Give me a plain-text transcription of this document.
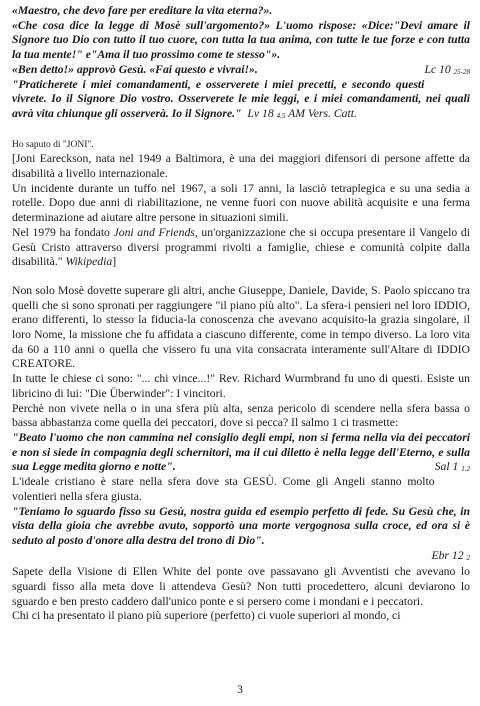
«Maestro, che devo fare per ereditare la vita eterna?».

«Che cosa dice la legge di Mosè sull'argomento?» L'uomo rispose: «Dice:"Devi amare il Signore tuo Dio con tutto il tuo cuore, con tutta la tua anima, con tutte le tue forze e con tutta la tua mente!" e"Ama il tuo prossimo come te stesso"».

«Ben detto!» approvò Gesù. «Fai questo e vivrai!».	Lc 10 $_{25-28}$

"Praticherete i miei comandamenti, e osserverete i miei precetti, e secondo questi vivrete. Io il Signore Dio vostro. Osserverete le mie leggi, e i miei comandamenti, nei quali avrà vita chiunque gli osserverà. Io il Signore." Lv 18 4.5 AM Vers. Catt.

Ho saputo di "JONI".

[Joni Eareckson, nata nel 1949 a Baltimora, è una dei maggiori difensori di persone affette da disabilità a livello internazionale.

Un incidente durante un tuffo nel 1967, a soli 17 anni, la lasciò tetraplegica e su una sedia a rotelle. Dopo due anni di riabilitazione, ne venne fuori con nuove abilità acquisite e una ferma determinazione ad aiutare altre persone in situazioni simili.

Nel 1979 ha fondato Joni and Friends, un'organizzazione che si occupa presentare il Vangelo di Gesù Cristo attraverso diversi programmi rivolti a famiglie, chiese e comunità colpite dalla disabilità." Wikipedia]

Non solo Mosè dovette superare gli altri, anche Giuseppe, Daniele, Davide, S. Paolo spiccano tra quelli che si sono spronati per raggiungere "il piano più alto". La sfera-i pensieri nel loro IDDIO, erano differenti, lo stesso la fiducia-la conoscenza che avevano acquisito-la grazia singolare, il loro Nome, la missione che fu affidata a ciascuno differente, come in tempo diverso. La loro vita da 60 a 110 anni o quella che vissero fu una vita consacrata interamente sull'Altare di IDDIO CREATORE.

In tutte le chiese ci sono: "... chi vince...!" Rev. Richard Wurmbrand fu uno di questi. Esiste un libricino di lui: "Die Überwinder": I vincitori.

Perchè non vivete nella o in una sfera più alta, senza pericolo di scendere nella sfera bassa o bassa abbastanza come quella dei peccatori, dove si pecca? Il salmo 1 ci trasmette:

"Beato l'uomo che non cammina nel consiglio degli empi, non si ferma nella via dei peccatori e non si siede in compagnia degli schernitori, ma il cui diletto è nella legge dell'Eterno, e sulla sua Legge medita giorno e notte".	Sal 1 $_{1.2}$

L'ideale cristiano è stare nella sfera dove sta GESÙ. Come gli Angeli stanno molto volentieri nella sfera giusta.

"Teniamo lo sguardo fisso su Gesù, nostra guida ed esempio perfetto di fede. Su Gesù che, in vista della gioia che avrebbe avuto, sopportò una morte vergognosa sulla croce, ed ora si è seduto al posto d'onore alla destra del trono di Dio".

Ebr 12 2

Sapete della Visione di Ellen White del ponte ove passavano gli Avventisti che avevano lo sguardi fisso alla meta dove li attendeva Gesù? Non tutti procedettero, alcuni deviarono lo sguardo e ben presto caddero dall'unico ponte e si persero come i mondani e i peccatori.

Chi ci ha presentato il piano più superiore (perfetto) ci vuole superiori al mondo, ci

3
